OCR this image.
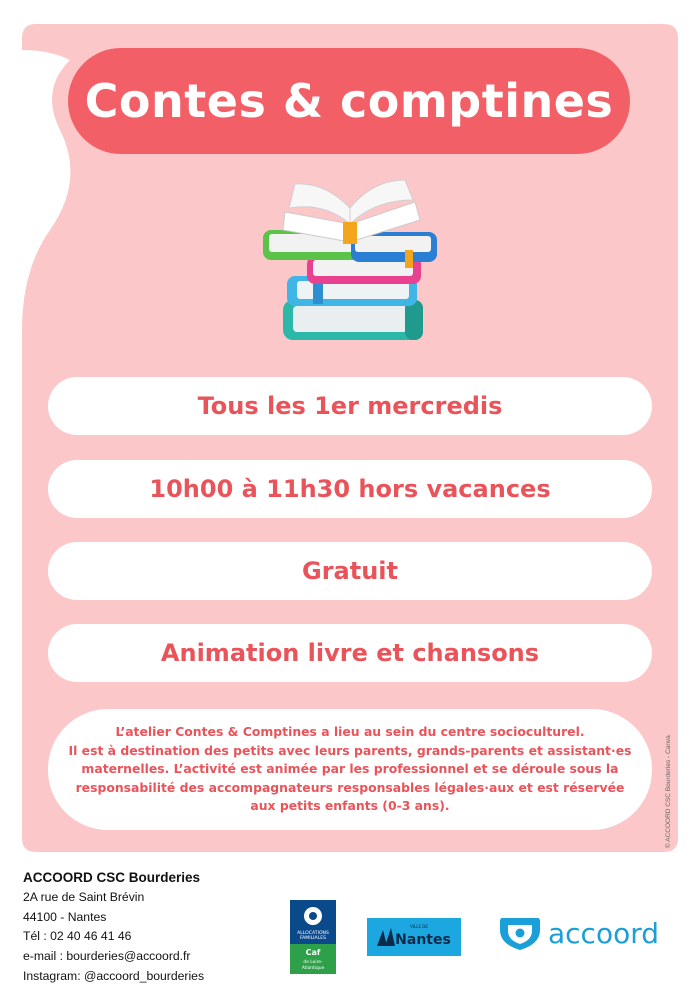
Contes & comptines
Tous les 1er mercredis
10h00 à 11h30 hors vacances
Gratuit
Animation livre et chansons

L’atelier Contes & Comptines a lieu au sein du centre socioculturel.

Il est à destination des petits avec leurs parents, grands-parents et assistant·es

maternelles. L’activité est animée par les professionnel et se déroule sous la

responsabilité des accompagnateurs responsables légales·aux et est réservée

aux petits enfants (0-3 ans).	© ACCOORD CSC Bourderies - Canva
ACCOORD CSC Bourderies
2A rue de Saint Brévin
44100 - Nantes
Tél : 02 40 46 41 46
e-mail : bourderies@accoord.fr
Instagram: @accoord_bourderies
ALLOCATIONS
FAMILIALES
Caf
de Loire-
Atlantique
VILLE DE
Nantes	accoord
